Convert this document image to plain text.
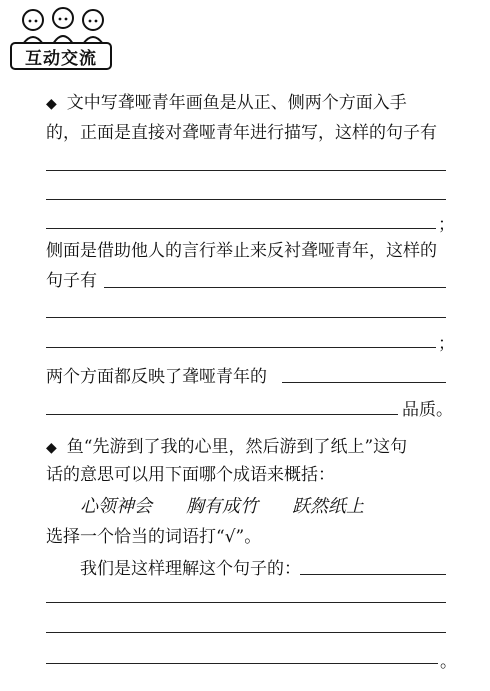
互动交流
◆ 文中写聋哑青年画鱼是从正、侧两个方面入手
的，正面是直接对聋哑青年进行描写，这样的句子有
；
侧面是借助他人的言行举止来反衬聋哑青年，这样的
句子有
；
两个方面都反映了聋哑青年的
品质。
◆ 鱼“先游到了我的心里，然后游到了纸上”这句
话的意思可以用下面哪个成语来概括：
心领神会 胸有成竹 跃然纸上
选择一个恰当的词语打“√”。
我们是这样理解这个句子的：
。
